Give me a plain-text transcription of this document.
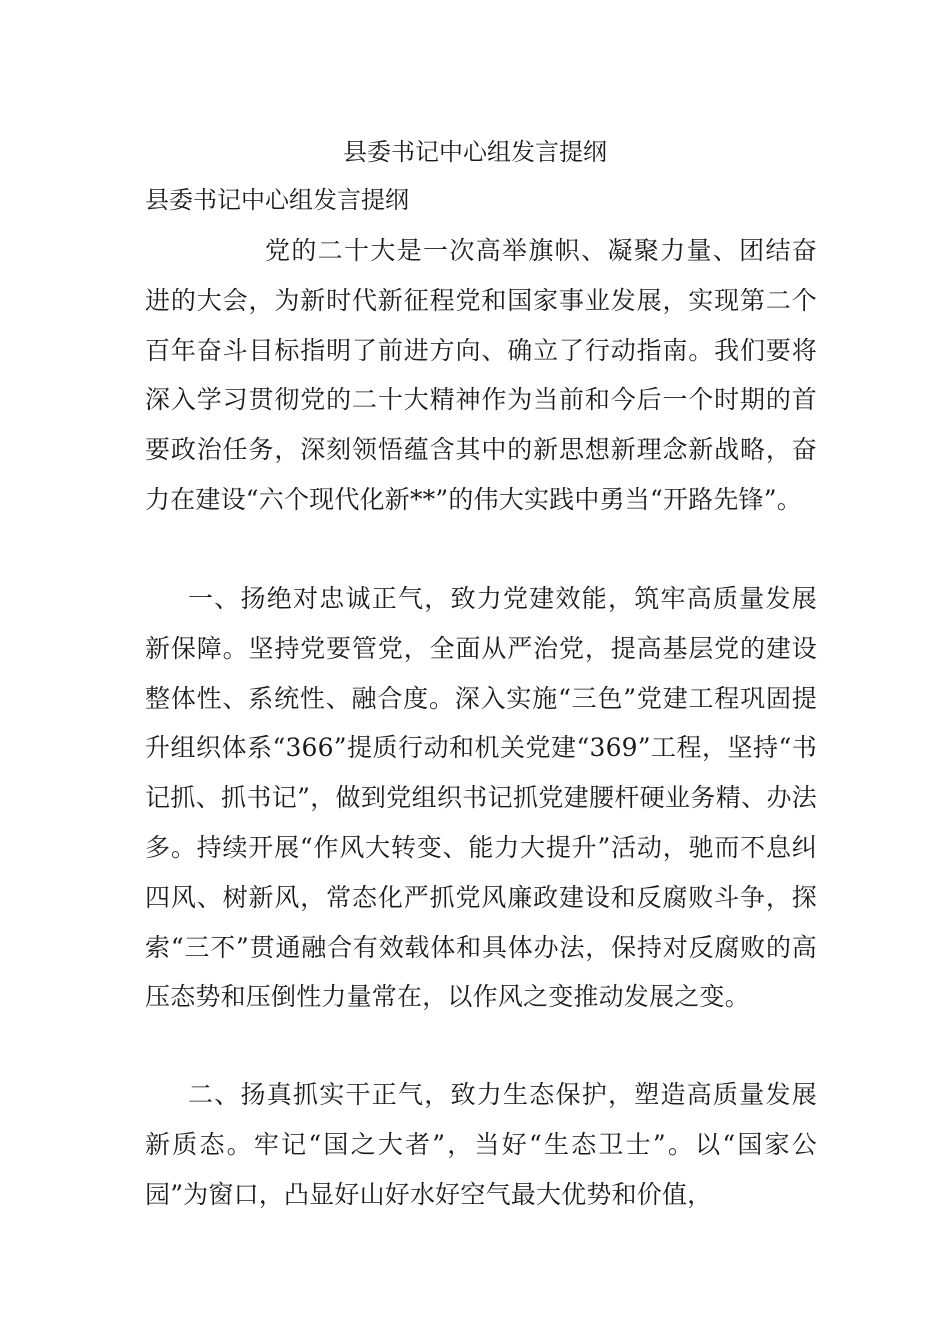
县委书记中心组发言提纲

县委书记中心组发言提纲

党的二十大是一次高举旗帜、凝聚力量、团结奋进的大会，为新时代新征程党和国家事业发展，实现第二个百年奋斗目标指明了前进方向、确立了行动指南。我们要将深入学习贯彻党的二十大精神作为当前和今后一个时期的首要政治任务，深刻领悟蕴含其中的新思想新理念新战略，奋力在建设“六个现代化新**”的伟大实践中勇当“开路先锋”。

一、扬绝对忠诚正气，致力党建效能，筑牢高质量发展新保障。坚持党要管党，全面从严治党，提高基层党的建设整体性、系统性、融合度。深入实施“三色”党建工程巩固提升组织体系“366”提质行动和机关党建“369”工程，坚持“书记抓、抓书记”，做到党组织书记抓党建腰杆硬业务精、办法多。持续开展“作风大转变、能力大提升”活动，驰而不息纠四风、树新风，常态化严抓党风廉政建设和反腐败斗争，探索“三不”贯通融合有效载体和具体办法，保持对反腐败的高压态势和压倒性力量常在，以作风之变推动发展之变。

二、扬真抓实干正气，致力生态保护，塑造高质量发展新质态。牢记“国之大者”，当好“生态卫士”。以“国家公园”为窗口，凸显好山好水好空气最大优势和价值，
